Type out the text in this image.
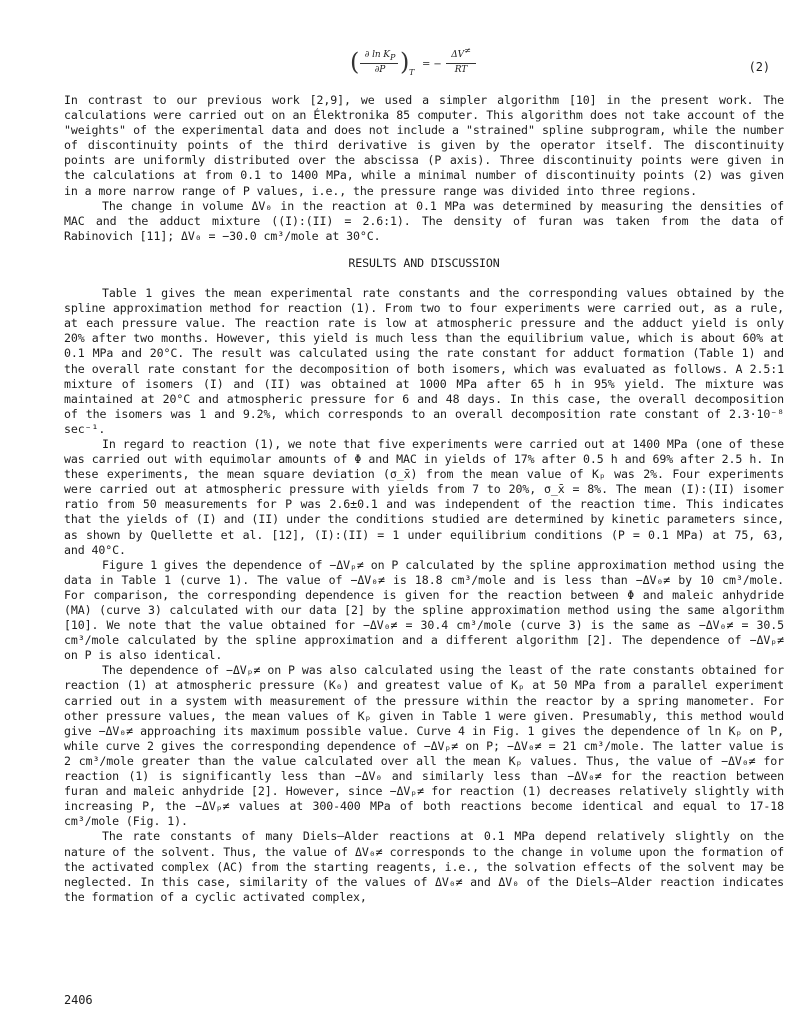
( ∂ $\ln K_P$
∂P ) T
= −
ΔV≠
RT	(2)

In contrast to our previous work [2,9], we used a simpler algorithm [10] in the present work. The calculations were carried out on an Élektronika 85 computer. This algorithm does not take account of the "weights" of the experimental data and does not include a "strained" spline subprogram, while the number of discontinuity points of the third derivative is given by the operator itself. The discontinuity points are uniformly distributed over the abscissa (P axis). Three discontinuity points were given in the calculations at from 0.1 to 1400 MPa, while a minimal number of discontinuity points (2) was given in a more narrow range of P values, i.e., the pressure range was divided into three regions.

The change in volume ΔV₀ in the reaction at 0.1 MPa was determined by measuring the densities of MAC and the adduct mixture ((I):(II) = 2.6:1). The density of furan was taken from the data of Rabinovich [11]; ΔV₀ = −30.0 cm³/mole at 30°C.

RESULTS AND DISCUSSION

Table 1 gives the mean experimental rate constants and the corresponding values obtained by the spline approximation method for reaction (1). From two to four experiments were carried out, as a rule, at each pressure value. The reaction rate is low at atmospheric pressure and the adduct yield is only 20% after two months. However, this yield is much less than the equilibrium value, which is about 60% at 0.1 MPa and 20°C. The result was calculated using the rate constant for adduct formation (Table 1) and the overall rate constant for the decomposition of both isomers, which was evaluated as follows. A 2.5:1 mixture of isomers (I) and (II) was obtained at 1000 MPa after 65 h in 95% yield. The mixture was maintained at 20°C and atmospheric pressure for 6 and 48 days. In this case, the overall decomposition of the isomers was 1 and 9.2%, which corresponds to an overall decomposition rate constant of 2.3·10⁻⁸ sec⁻¹.

In regard to reaction (1), we note that five experiments were carried out at 1400 MPa (one of these was carried out with equimolar amounts of Φ and MAC in yields of 17% after 0.5 h and 69% after 2.5 h. In these experiments, the mean square deviation (σ_x̄) from the mean value of Kₚ was 2%. Four experiments were carried out at atmospheric pressure with yields from 7 to 20%, σ_x̄ = 8%. The mean (I):(II) isomer ratio from 50 measurements for P was 2.6±0.1 and was independent of the reaction time. This indicates that the yields of (I) and (II) under the conditions studied are determined by kinetic parameters since, as shown by Quellette et al. [12], (I):(II) = 1 under equilibrium conditions (P = 0.1 MPa) at 75, 63, and 40°C.

Figure 1 gives the dependence of −ΔVₚ≠ on P calculated by the spline approximation method using the data in Table 1 (curve 1). The value of −ΔV₀≠ is 18.8 cm³/mole and is less than −ΔV₀≠ by 10 cm³/mole. For comparison, the corresponding dependence is given for the reaction between Φ and maleic anhydride (MA) (curve 3) calculated with our data [2] by the spline approximation method using the same algorithm [10]. We note that the value obtained for −ΔV₀≠ = 30.4 cm³/mole (curve 3) is the same as −ΔV₀≠ = 30.5 cm³/mole calculated by the spline approximation and a different algorithm [2]. The dependence of −ΔVₚ≠ on P is also identical.

The dependence of −ΔVₚ≠ on P was also calculated using the least of the rate constants obtained for reaction (1) at atmospheric pressure (K₀) and greatest value of Kₚ at 50 MPa from a parallel experiment carried out in a system with measurement of the pressure within the reactor by a spring manometer. For other pressure values, the mean values of Kₚ given in Table 1 were given. Presumably, this method would give −ΔV₀≠ approaching its maximum possible value. Curve 4 in Fig. 1 gives the dependence of ln Kₚ on P, while curve 2 gives the corresponding dependence of −ΔVₚ≠ on P; −ΔV₀≠ = 21 cm³/mole. The latter value is 2 cm³/mole greater than the value calculated over all the mean Kₚ values. Thus, the value of −ΔV₀≠ for reaction (1) is significantly less than −ΔV₀ and similarly less than −ΔV₀≠ for the reaction between furan and maleic anhydride [2]. However, since −ΔVₚ≠ for reaction (1) decreases relatively slightly with increasing P, the −ΔVₚ≠ values at 300-400 MPa of both reactions become identical and equal to 17-18 cm³/mole (Fig. 1).

The rate constants of many Diels–Alder reactions at 0.1 MPa depend relatively slightly on the nature of the solvent. Thus, the value of ΔV₀≠ corresponds to the change in volume upon the formation of the activated complex (AC) from the starting reagents, i.e., the solvation effects of the solvent may be neglected. In this case, similarity of the values of ΔV₀≠ and ΔV₀ of the Diels–Alder reaction indicates the formation of a cyclic activated complex,

2406
